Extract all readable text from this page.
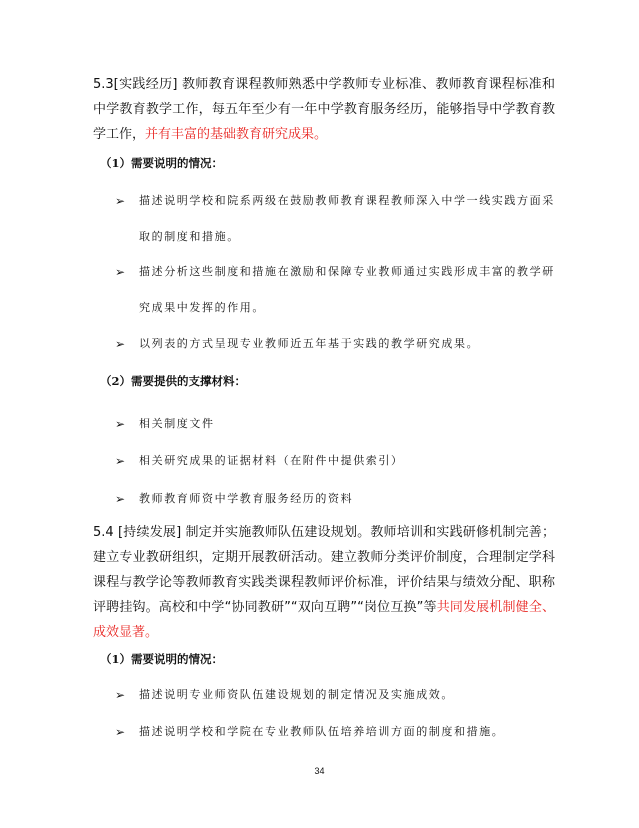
5.3[实践经历] 教师教育课程教师熟悉中学教师专业标准、教师教育课程标准和中学教育教学工作，每五年至少有一年中学教育服务经历，能够指导中学教育教学工作，并有丰富的基础教育研究成果。
（1）需要说明的情况：
➢	描述说明学校和院系两级在鼓励教师教育课程教师深入中学一线实践方面采取的制度和措施。
➢	描述分析这些制度和措施在激励和保障专业教师通过实践形成丰富的教学研究成果中发挥的作用。
➢	以列表的方式呈现专业教师近五年基于实践的教学研究成果。
（2）需要提供的支撑材料：
➢	相关制度文件
➢	相关研究成果的证据材料（在附件中提供索引）
➢	教师教育师资中学教育服务经历的资料
5.4 [持续发展] 制定并实施教师队伍建设规划。教师培训和实践研修机制完善；建立专业教研组织，定期开展教研活动。建立教师分类评价制度，合理制定学科课程与教学论等教师教育实践类课程教师评价标准，评价结果与绩效分配、职称评聘挂钩。高校和中学“协同教研”“双向互聘”“岗位互换”等共同发展机制健全、成效显著。
（1）需要说明的情况：
➢	描述说明专业师资队伍建设规划的制定情况及实施成效。
➢	描述说明学校和学院在专业教师队伍培养培训方面的制度和措施。
34
